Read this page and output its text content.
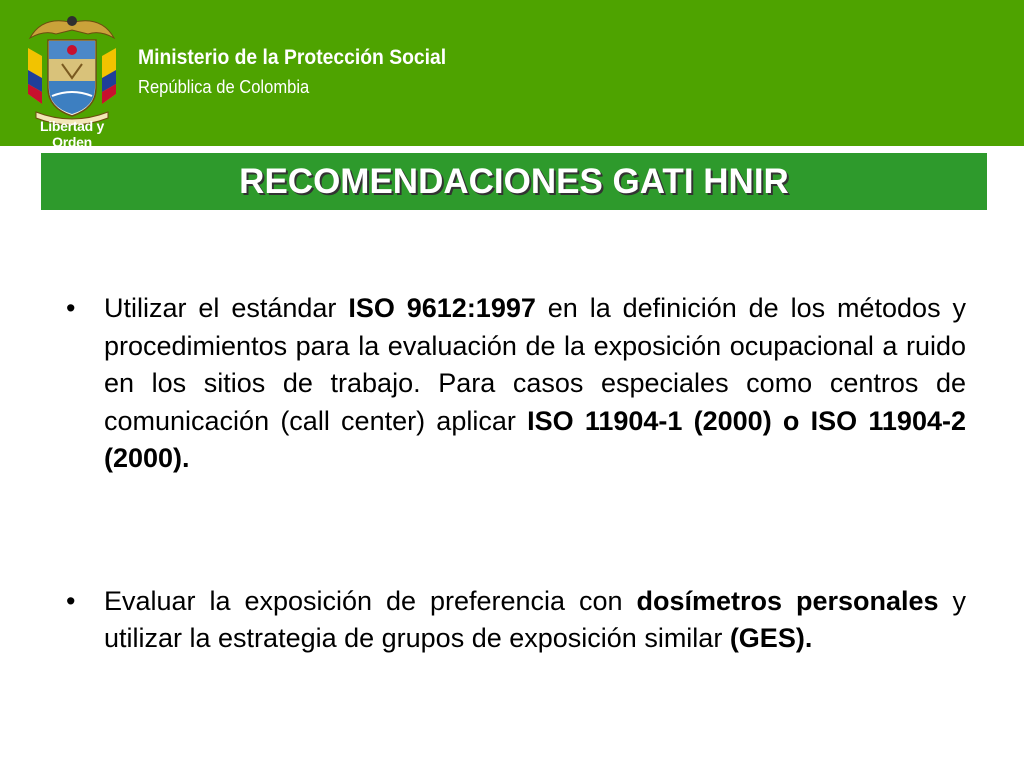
Libertad y Orden
Ministerio de la Protección Social
República de Colombia
RECOMENDACIONES GATI HNIR
• Utilizar el estándar ISO 9612:1997 en la definición de los métodos y procedimientos para la evaluación de la exposición ocupacional a ruido en los sitios de trabajo. Para casos especiales como centros de comunicación (call center) aplicar ISO 11904-1 (2000) o ISO 11904-2 (2000).
• Evaluar la exposición de preferencia con dosímetros personales y utilizar la estrategia de grupos de exposición similar (GES).
